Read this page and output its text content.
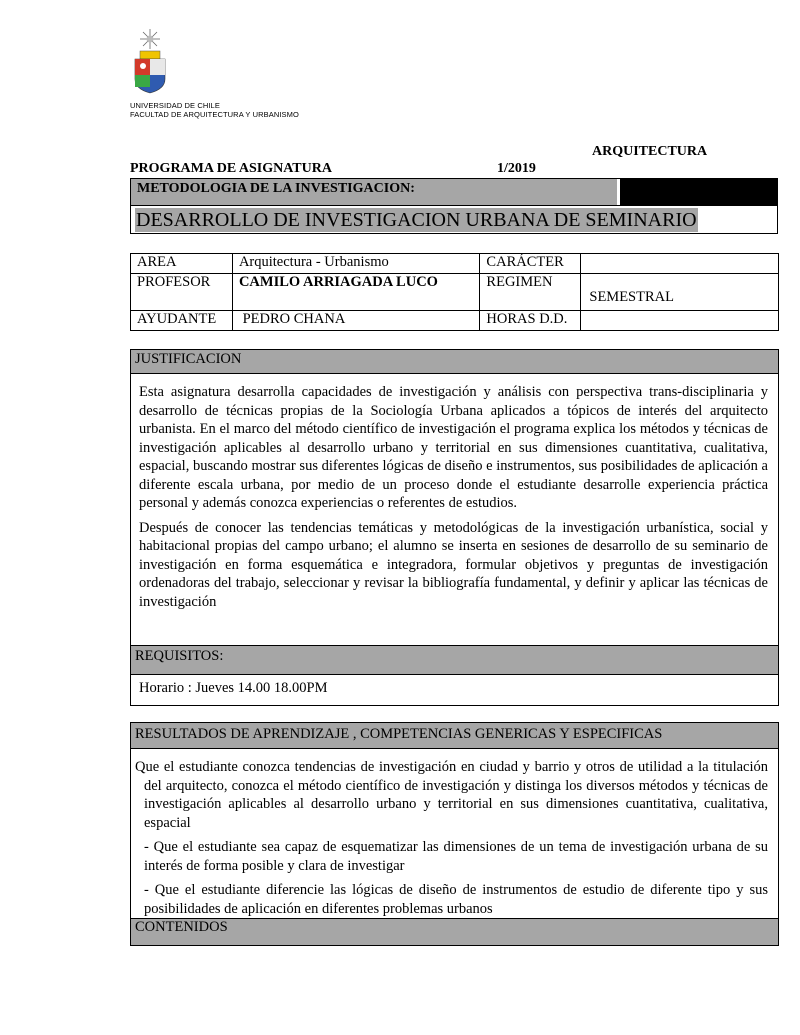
UNIVERSIDAD DE CHILE
FACULTAD DE ARQUITECTURA Y URBANISMO
ARQUITECTURA
PROGRAMA DE ASIGNATURA	1/2019
METODOLOGIA DE LA INVESTIGACION:
DESARROLLO DE INVESTIGACION URBANA DE SEMINARIO
AREA	Arquitectura - Urbanismo	CARÁCTER	
PROFESOR	CAMILO ARRIAGADA LUCO	REGIMEN	SEMESTRAL
AYUDANTE	PEDRO CHANA	HORAS D.D.	
JUSTIFICACION

Esta asignatura desarrolla capacidades de investigación y análisis con perspectiva trans-disciplinaria y desarrollo de técnicas propias de la Sociología Urbana aplicados a tópicos de interés del arquitecto urbanista. En el marco del método científico de investigación el programa explica los métodos y técnicas de investigación aplicables al desarrollo urbano y territorial en sus dimensiones cuantitativa, cualitativa, espacial, buscando mostrar sus diferentes lógicas de diseño e instrumentos, sus posibilidades de aplicación a diferente escala urbana, por medio de un proceso donde el estudiante desarrolle experiencia práctica personal y además conozca experiencias o referentes de estudios.

Después de conocer las tendencias temáticas y metodológicas de la investigación urbanística, social y habitacional propias del campo urbano; el alumno se inserta en sesiones de desarrollo de su seminario de investigación en forma esquemática e integradora, formular objetivos y preguntas de investigación ordenadoras del trabajo, seleccionar y revisar la bibliografía fundamental, y definir y aplicar las técnicas de investigación

REQUISITOS:
Horario : Jueves 14.00 18.00PM
RESULTADOS DE APRENDIZAJE , COMPETENCIAS GENERICAS Y ESPECIFICAS

Que el estudiante conozca tendencias de investigación en ciudad y barrio y otros de utilidad a la titulación del arquitecto, conozca el método científico de investigación y distinga los diversos métodos y técnicas de investigación aplicables al desarrollo urbano y territorial en sus dimensiones cuantitativa, cualitativa, espacial

- Que el estudiante sea capaz de esquematizar las dimensiones de un tema de investigación urbana de su interés de forma posible y clara de investigar

- Que el estudiante diferencie las lógicas de diseño de instrumentos de estudio de diferente tipo y sus posibilidades de aplicación en diferentes problemas urbanos

CONTENIDOS
